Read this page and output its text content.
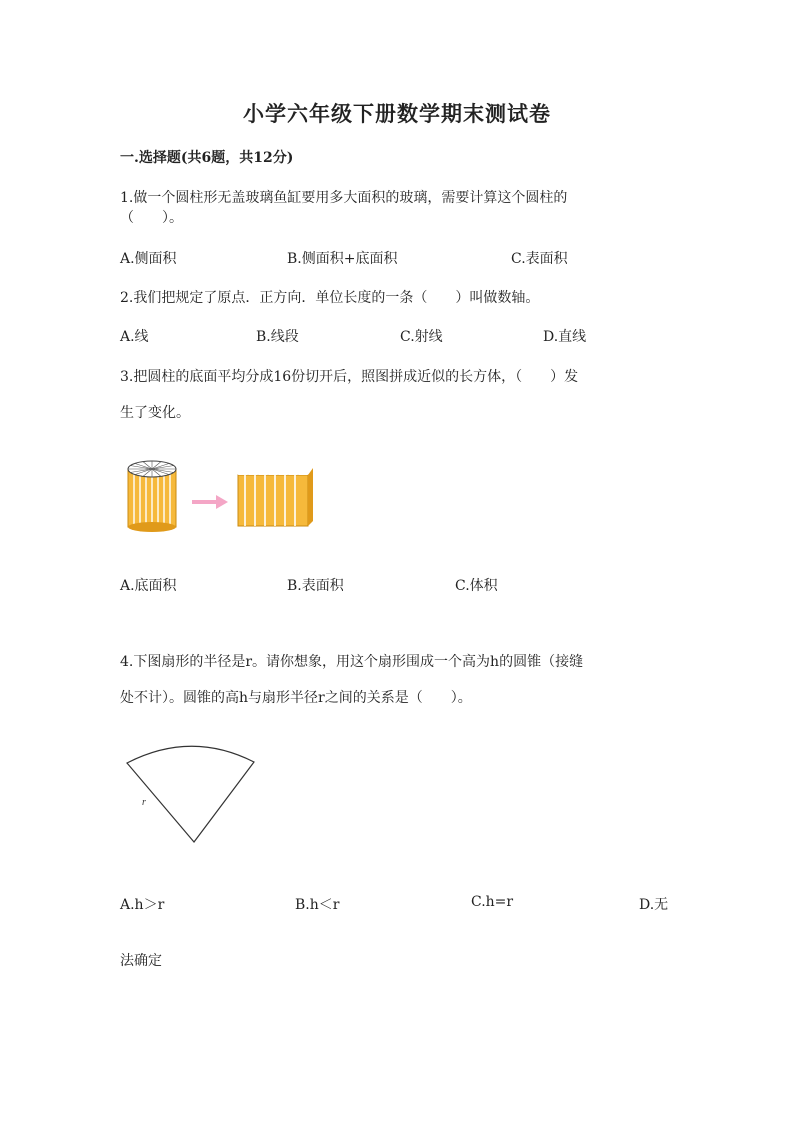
小学六年级下册数学期末测试卷
一.选择题(共6题，共12分)
1.做一个圆柱形无盖玻璃鱼缸要用多大面积的玻璃，需要计算这个圆柱的
（　　）。
A.侧面积	B.侧面积+底面积	C.表面积
2.我们把规定了原点．正方向．单位长度的一条（　　）叫做数轴。
A.线	B.线段	C.射线	D.直线
3.把圆柱的底面平均分成16份切开后，照图拼成近似的长方体，（　　）发
生了变化。
A.底面积	B.表面积	C.体积
4.下图扇形的半径是r。请你想象，用这个扇形围成一个高为h的圆锥（接缝
处不计）。圆锥的高h与扇形半径r之间的关系是（　　）。
r
A.h＞r	B.h＜r	C.h=r	D.无
法确定
